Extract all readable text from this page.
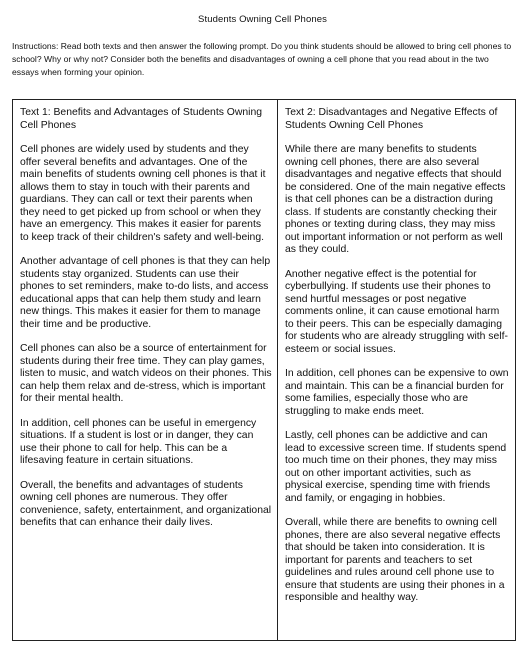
Students Owning Cell Phones
Instructions: Read both texts and then answer the following prompt. Do you think students should be allowed to bring cell phones to school? Why or why not? Consider both the benefits and disadvantages of owning a cell phone that you read about in the two essays when forming your opinion.
Text 1: Benefits and Advantages of Students Owning Cell Phones
Cell phones are widely used by students and they offer several benefits and advantages. One of the main benefits of students owning cell phones is that it allows them to stay in touch with their parents and guardians. They can call or text their parents when they need to get picked up from school or when they have an emergency. This makes it easier for parents to keep track of their children's safety and well-being.
Another advantage of cell phones is that they can help students stay organized. Students can use their phones to set reminders, make to-do lists, and access educational apps that can help them study and learn new things. This makes it easier for them to manage their time and be productive.
Cell phones can also be a source of entertainment for students during their free time. They can play games, listen to music, and watch videos on their phones. This can help them relax and de-stress, which is important for their mental health.
In addition, cell phones can be useful in emergency situations. If a student is lost or in danger, they can use their phone to call for help. This can be a lifesaving feature in certain situations.
Overall, the benefits and advantages of students owning cell phones are numerous. They offer convenience, safety, entertainment, and organizational benefits that can enhance their daily lives.

Text 2: Disadvantages and Negative Effects of Students Owning Cell Phones
While there are many benefits to students owning cell phones, there are also several disadvantages and negative effects that should be considered. One of the main negative effects is that cell phones can be a distraction during class. If students are constantly checking their phones or texting during class, they may miss out important information or not perform as well as they could.
Another negative effect is the potential for cyberbullying. If students use their phones to send hurtful messages or post negative comments online, it can cause emotional harm to their peers. This can be especially damaging for students who are already struggling with self-esteem or social issues.
In addition, cell phones can be expensive to own and maintain. This can be a financial burden for some families, especially those who are struggling to make ends meet.
Lastly, cell phones can be addictive and can lead to excessive screen time. If students spend too much time on their phones, they may miss out on other important activities, such as physical exercise, spending time with friends and family, or engaging in hobbies.
Overall, while there are benefits to owning cell phones, there are also several negative effects that should be taken into consideration. It is important for parents and teachers to set guidelines and rules around cell phone use to ensure that students are using their phones in a responsible and healthy way.
